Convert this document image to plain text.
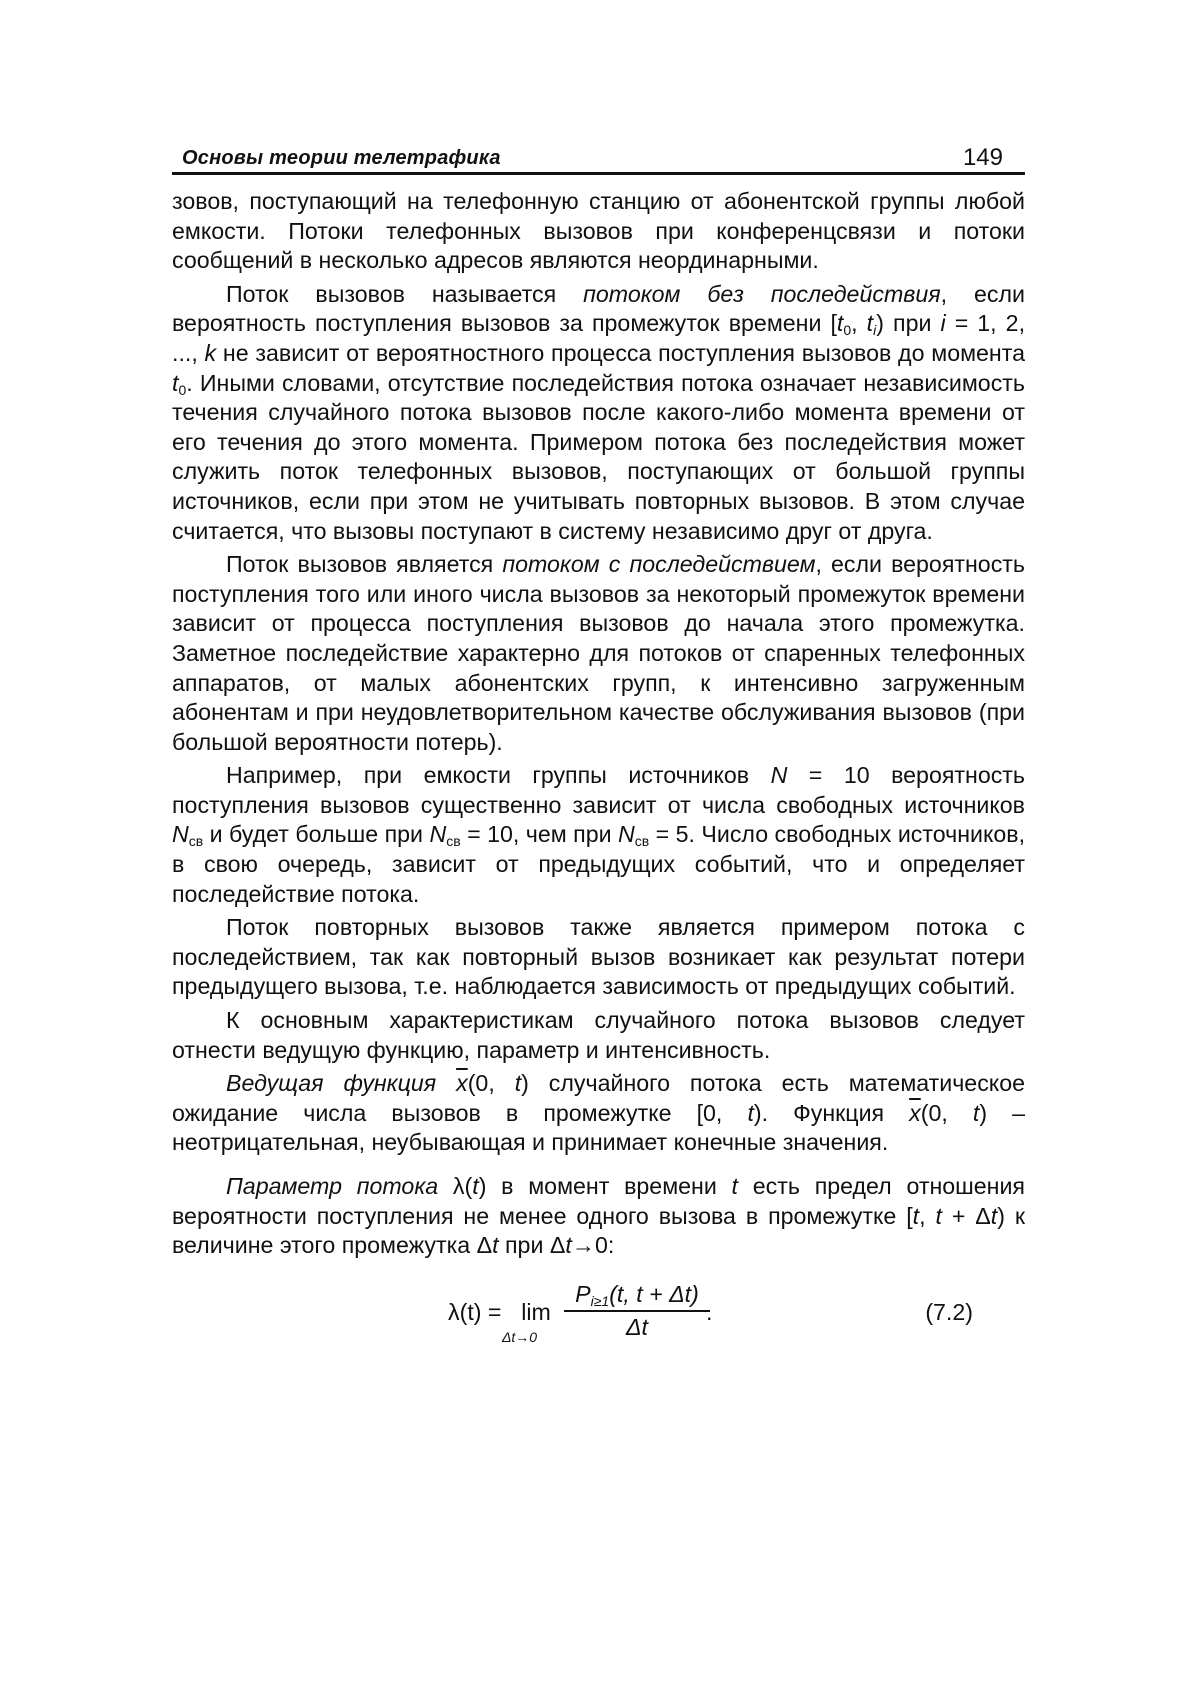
Основы теории телетрафика	149

зовов, поступающий на телефонную станцию от абонентской группы любой емкости. Потоки телефонных вызовов при конференцсвязи и потоки сообщений в несколько адресов являются неординарными.

Поток вызовов называется потоком без последействия, если вероятность поступления вызовов за промежуток времени [$t_0$, $t_i$) при i = 1, 2, ..., k не зависит от вероятностного процесса поступления вызовов до момента $t_0$. Иными словами, отсутствие последействия потока означает независимость течения случайного потока вызовов после какого-либо момента времени от его течения до этого момента. Примером потока без последействия может служить поток телефонных вызовов, поступающих от большой группы источников, если при этом не учитывать повторных вызовов. В этом случае считается, что вызовы поступают в систему независимо друг от друга.

Поток вызовов является потоком с последействием, если вероятность поступления того или иного числа вызовов за некоторый промежуток времени зависит от процесса поступления вызовов до начала этого промежутка. Заметное последействие характерно для потоков от спаренных телефонных аппаратов, от малых абонентских групп, к интенсивно загруженным абонентам и при неудовлетворительном качестве обслуживания вызовов (при большой вероятности потерь).

Например, при емкости группы источников N = 10 вероятность поступления вызовов существенно зависит от числа свободных источников $N_{св}$ и будет больше при $N_{св} = 10$, чем при $N_{св} = 5$. Число свободных источников, в свою очередь, зависит от предыдущих событий, что и определяет последействие потока.

Поток повторных вызовов также является примером потока с последействием, так как повторный вызов возникает как результат потери предыдущего вызова, т.е. наблюдается зависимость от предыдущих событий.

К основным характеристикам случайного потока вызовов следует отнести ведущую функцию, параметр и интенсивность.

Ведущая функция $\overline{x}(0$, t) случайного потока есть математическое ожидание числа вызовов в промежутке [0, t). Функция $\overline{x}(0$, t) – неотрицательная, неубывающая и принимает конечные значения.

Параметр потока λ(t) в момент времени t есть предел отношения вероятности поступления не менее одного вызова в промежутке [t, t + Δt) к величине этого промежутка Δt при Δt→0:

λ(t) = lim
$\Delta t\to 0 \frac{P_{i\ge 1}(t, t + \Delta t)}{\Delta t}$
.	(7.2)
